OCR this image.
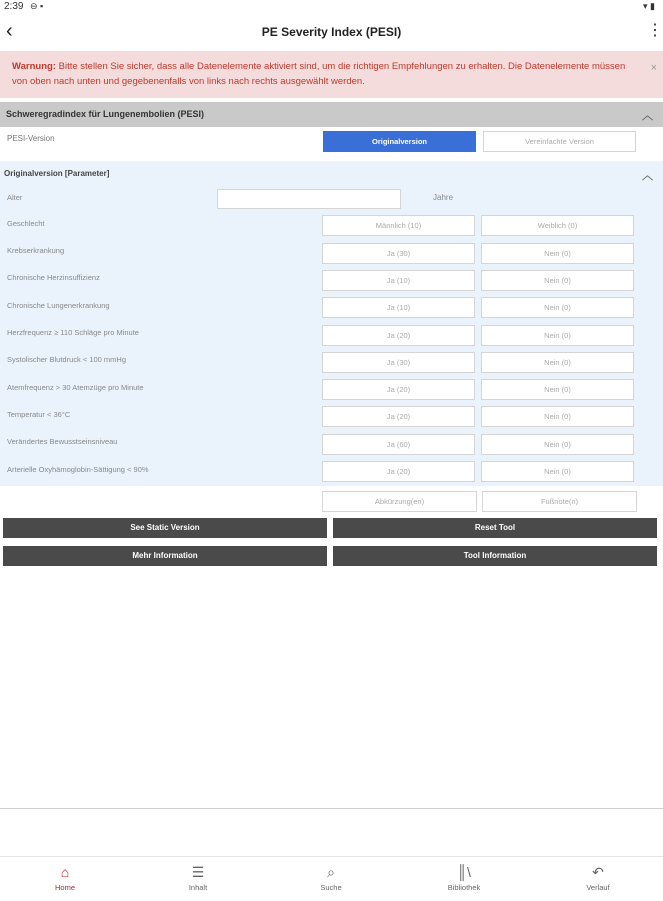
2:39 ⊖ ▪	▾ ▮
‹	PE Severity Index (PESI)	⋮
Warnung: Bitte stellen Sie sicher, dass alle Datenelemente aktiviert sind, um die richtigen Empfehlungen zu erhalten. Die Datenelemente müssen von oben nach unten und gegebenenfalls von links nach rechts ausgewählt werden.
×
Schweregradindex für Lungenembolien (PESI)	︿
PESI-Version	Originalversion	Vereinfachte Version
Originalversion [Parameter]	︿
Alter	Jahre
Geschlecht	Männlich (10)	Weiblich (0)
Krebserkrankung	Ja (30)	Nein (0)
Chronische Herzinsuffizienz	Ja (10)	Nein (0)
Chronische Lungenerkrankung	Ja (10)	Nein (0)
Herzfrequenz ≥ 110 Schläge pro Minute	Ja (20)	Nein (0)
Systolischer Blutdruck < 100 mmHg	Ja (30)	Nein (0)
Atemfrequenz > 30 Atemzüge pro Minute	Ja (20)	Nein (0)
Temperatur < 36°C	Ja (20)	Nein (0)
Verändertes Bewusstseinsniveau	Ja (60)	Nein (0)
Arterielle Oxyhämoglobin-Sättigung < 90%	Ja (20)	Nein (0)
Abkürzung(en)	Fußnote(n)
See Static Version	Reset Tool
Mehr Information	Tool Information
⌂
Home
☰
Inhalt
⌕
Suche
║\
Bibliothek
↶
Verlauf
